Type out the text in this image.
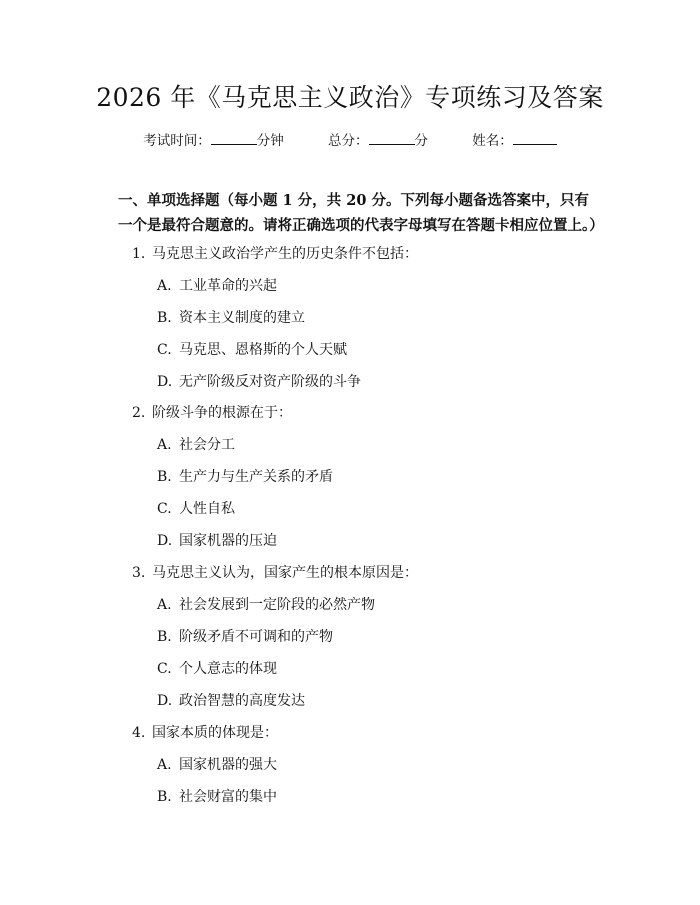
2026 年《马克思主义政治》专项练习及答案
考试时间：	分钟	总分：	分	姓名：

一、单项选择题（每小题 1 分，共 20 分。下列每小题备选答案中，只有一个是最符合题意的。请将正确选项的代表字母填写在答题卡相应位置上。）

1. 马克思主义政治学产生的历史条件不包括：
A. 工业革命的兴起
B. 资本主义制度的建立
C. 马克思、恩格斯的个人天赋
D. 无产阶级反对资产阶级的斗争
2. 阶级斗争的根源在于：
A. 社会分工
B. 生产力与生产关系的矛盾
C. 人性自私
D. 国家机器的压迫
3. 马克思主义认为，国家产生的根本原因是：
A. 社会发展到一定阶段的必然产物
B. 阶级矛盾不可调和的产物
C. 个人意志的体现
D. 政治智慧的高度发达
4. 国家本质的体现是：
A. 国家机器的强大
B. 社会财富的集中
